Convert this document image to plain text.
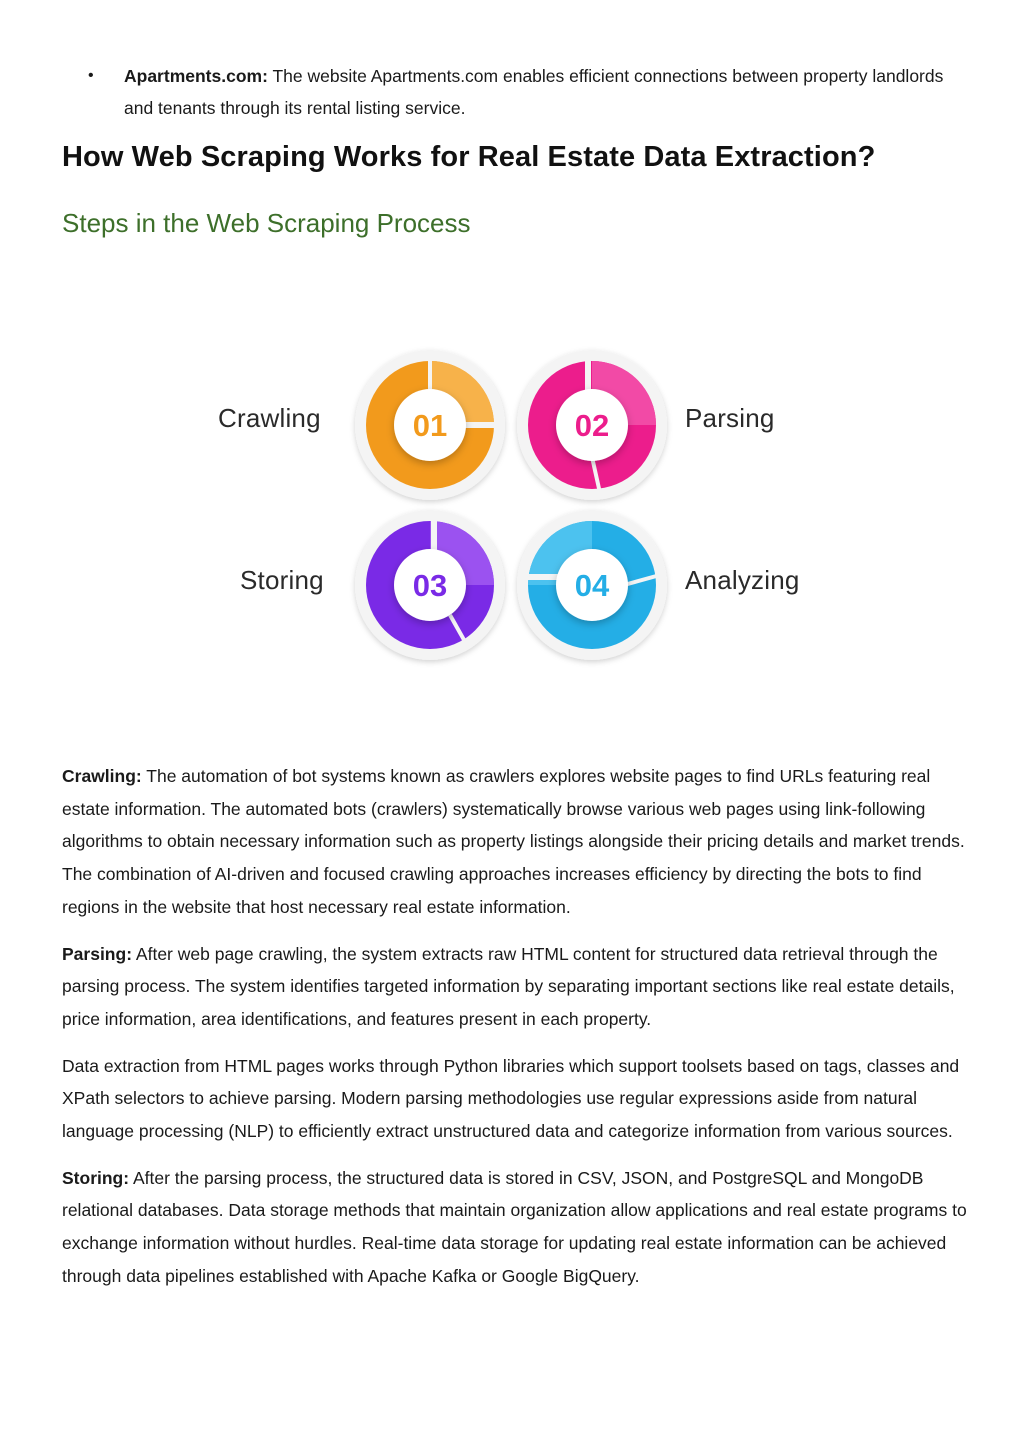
• Apartments.com: The website Apartments.com enables efficient connections between property landlords and tenants through its rental listing service.
How Web Scraping Works for Real Estate Data Extraction?
Steps in the Web Scraping Process
01	02
03	04
Crawling	Parsing
Storing	Analyzing

Crawling: The automation of bot systems known as crawlers explores website pages to find URLs featuring real estate information. The automated bots (crawlers) systematically browse various web pages using link-following algorithms to obtain necessary information such as property listings alongside their pricing details and market trends. The combination of AI-driven and focused crawling approaches increases efficiency by directing the bots to find regions in the website that host necessary real estate information.

Parsing: After web page crawling, the system extracts raw HTML content for structured data retrieval through the parsing process. The system identifies targeted information by separating important sections like real estate details, price information, area identifications, and features present in each property.

Data extraction from HTML pages works through Python libraries which support toolsets based on tags, classes and XPath selectors to achieve parsing. Modern parsing methodologies use regular expressions aside from natural language processing (NLP) to efficiently extract unstructured data and categorize information from various sources.

Storing: After the parsing process, the structured data is stored in CSV, JSON, and PostgreSQL and MongoDB relational databases. Data storage methods that maintain organization allow applications and real estate programs to exchange information without hurdles. Real-time data storage for updating real estate information can be achieved through data pipelines established with Apache Kafka or Google BigQuery.
